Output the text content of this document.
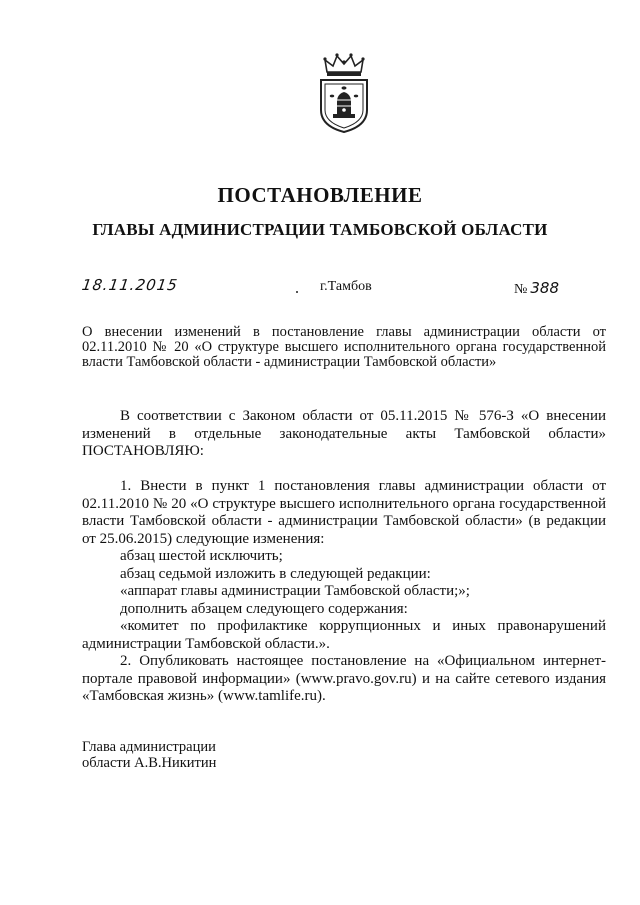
ПОСТАНОВЛЕНИЕ
ГЛАВЫ АДМИНИСТРАЦИИ ТАМБОВСКОЙ ОБЛАСТИ
18.11.2015	г.Тамбов	№ 388
О внесении изменений в постановление главы администрации области от 02.11.2010 № 20 «О структуре высшего исполнительного органа государственной власти Тамбовской области - администрации Тамбовской области»
В соответствии с Законом области от 05.11.2015 № 576-З «О внесении изменений в отдельные законодательные акты Тамбовской области» ПОСТАНОВЛЯЮ:
1. Внести в пункт 1 постановления главы администрации области от 02.11.2010 № 20 «О структуре высшего исполнительного органа государственной власти Тамбовской области - администрации Тамбовской области» (в редакции от 25.06.2015) следующие изменения:
абзац шестой исключить;
абзац седьмой изложить в следующей редакции:
«аппарат главы администрации Тамбовской области;»;
дополнить абзацем следующего содержания:
«комитет по профилактике коррупционных и иных правонарушений администрации Тамбовской области.».
2. Опубликовать настоящее постановление на «Официальном интернет-портале правовой информации» (www.pravo.gov.ru) и на сайте сетевого издания «Тамбовская жизнь» (www.tamlife.ru).
Глава администрации
области А.В.Никитин
